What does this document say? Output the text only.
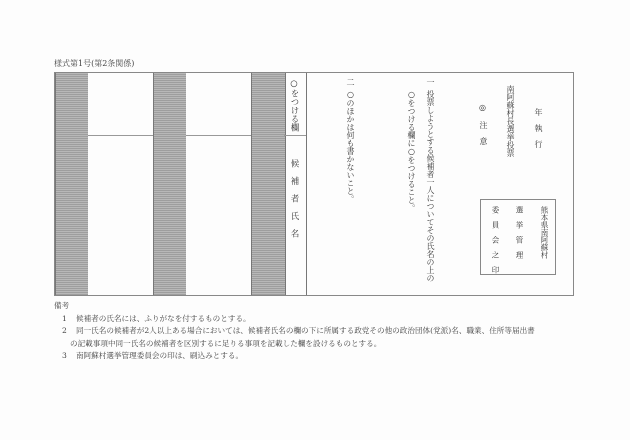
様式第1号(第2条関係)
○をつける欄
候補者氏名
一
投票しようとする候補者一人についてその氏名の上の
○をつける欄に○をつけること。
二
○のほかは何も書かないこと。	◎
注　意 南阿蘇村長選挙投票 年　執　行
熊本県南阿蘇村
選　挙　管　理
委　員　会　之　印
備考
1 候補者の氏名には、ふりがなを付するものとする。
2 同一氏名の候補者が2人以上ある場合においては、候補者氏名の欄の下に所属する政党その他の政治団体(党派)名、職業、住所等届出書
の記載事項中同一氏名の候補者を区別するに足りる事項を記載した欄を設けるものとする。
3 南阿蘇村選挙管理委員会の印は、刷込みとする。
